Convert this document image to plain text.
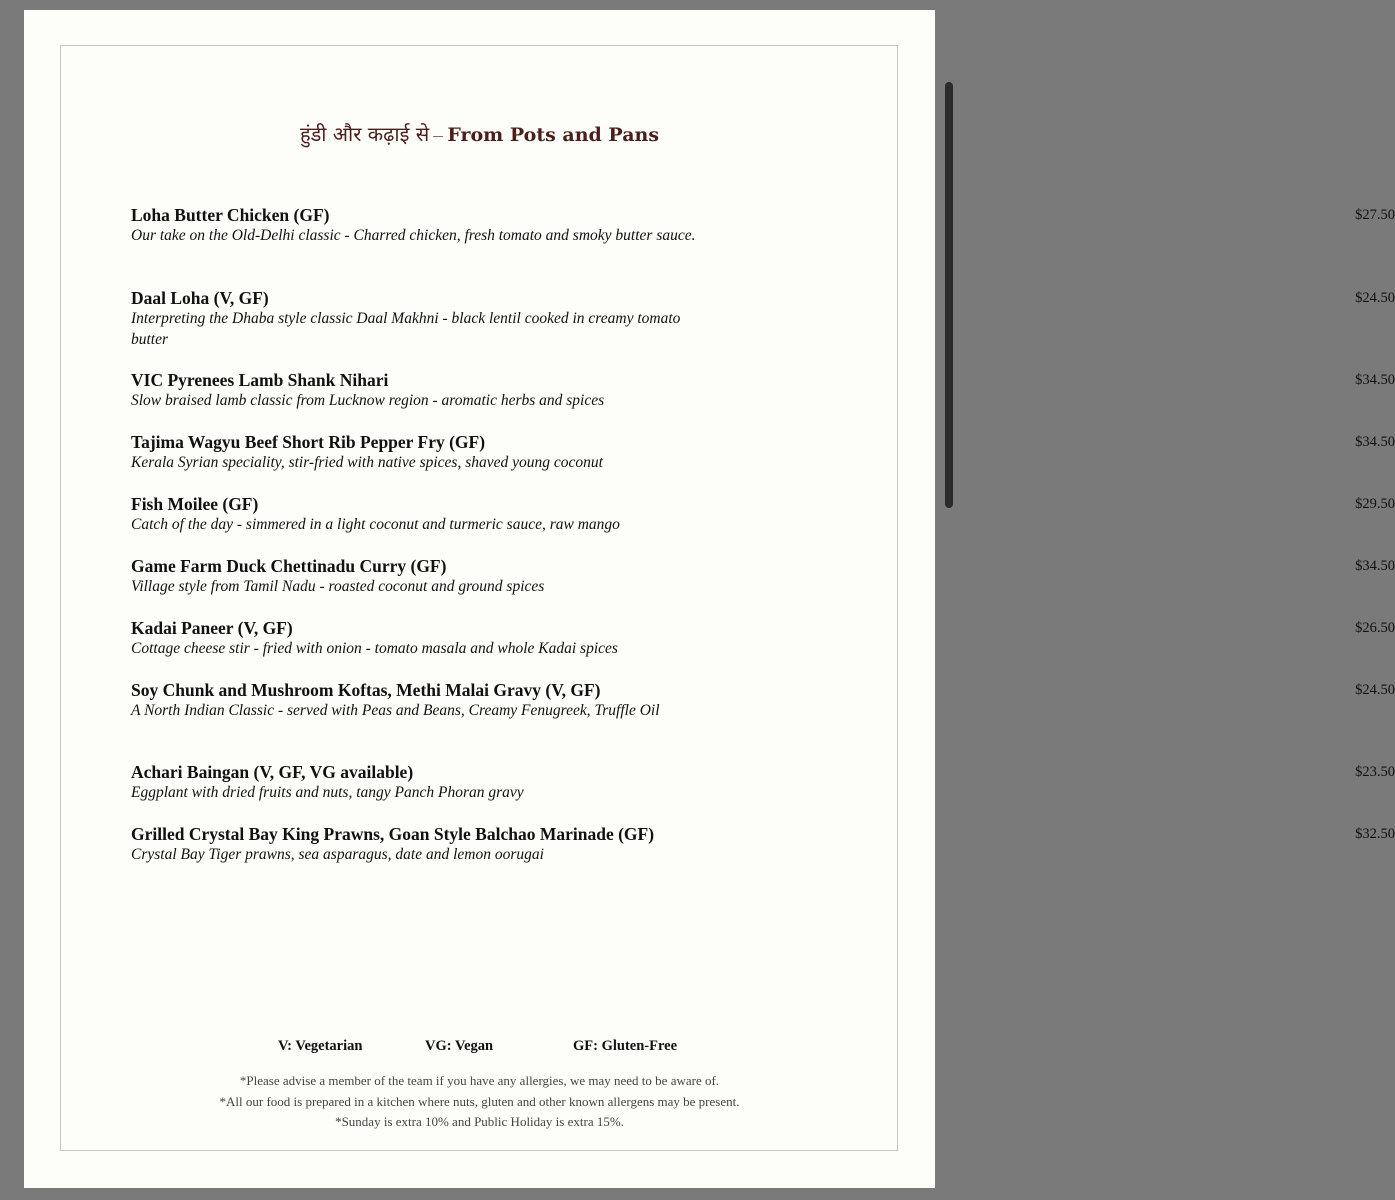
हुंडी और कढ़ाई से From Pots and Pans
Loha Butter Chicken (GF)
Our take on the Old-Delhi classic - Charred chicken, fresh tomato and smoky butter sauce.
$27.50
Daal Loha (V, GF)
Interpreting the Dhaba style classic Daal Makhni - black lentil cooked in creamy tomato butter
$24.50
VIC Pyrenees Lamb Shank Nihari
Slow braised lamb classic from Lucknow region - aromatic herbs and spices
$34.50
Tajima Wagyu Beef Short Rib Pepper Fry (GF)
Kerala Syrian speciality, stir-fried with native spices, shaved young coconut
$34.50
Fish Moilee (GF)
Catch of the day - simmered in a light coconut and turmeric sauce, raw mango
$29.50
Game Farm Duck Chettinadu Curry (GF)
Village style from Tamil Nadu - roasted coconut and ground spices
$34.50
Kadai Paneer (V, GF)
Cottage cheese stir - fried with onion - tomato masala and whole Kadai spices
$26.50
Soy Chunk and Mushroom Koftas, Methi Malai Gravy (V, GF)
A North Indian Classic - served with Peas and Beans, Creamy Fenugreek, Truffle Oil
$24.50
Achari Baingan (V, GF, VG available)
Eggplant with dried fruits and nuts, tangy Panch Phoran gravy
$23.50
Grilled Crystal Bay King Prawns, Goan Style Balchao Marinade (GF)
Crystal Bay Tiger prawns, sea asparagus, date and lemon oorugai
$32.50
V: Vegetarian	VG: Vegan	GF: Gluten-Free
*Please advise a member of the team if you have any allergies, we may need to be aware of.
*All our food is prepared in a kitchen where nuts, gluten and other known allergens may be present.
*Sunday is extra 10% and Public Holiday is extra 15%.
